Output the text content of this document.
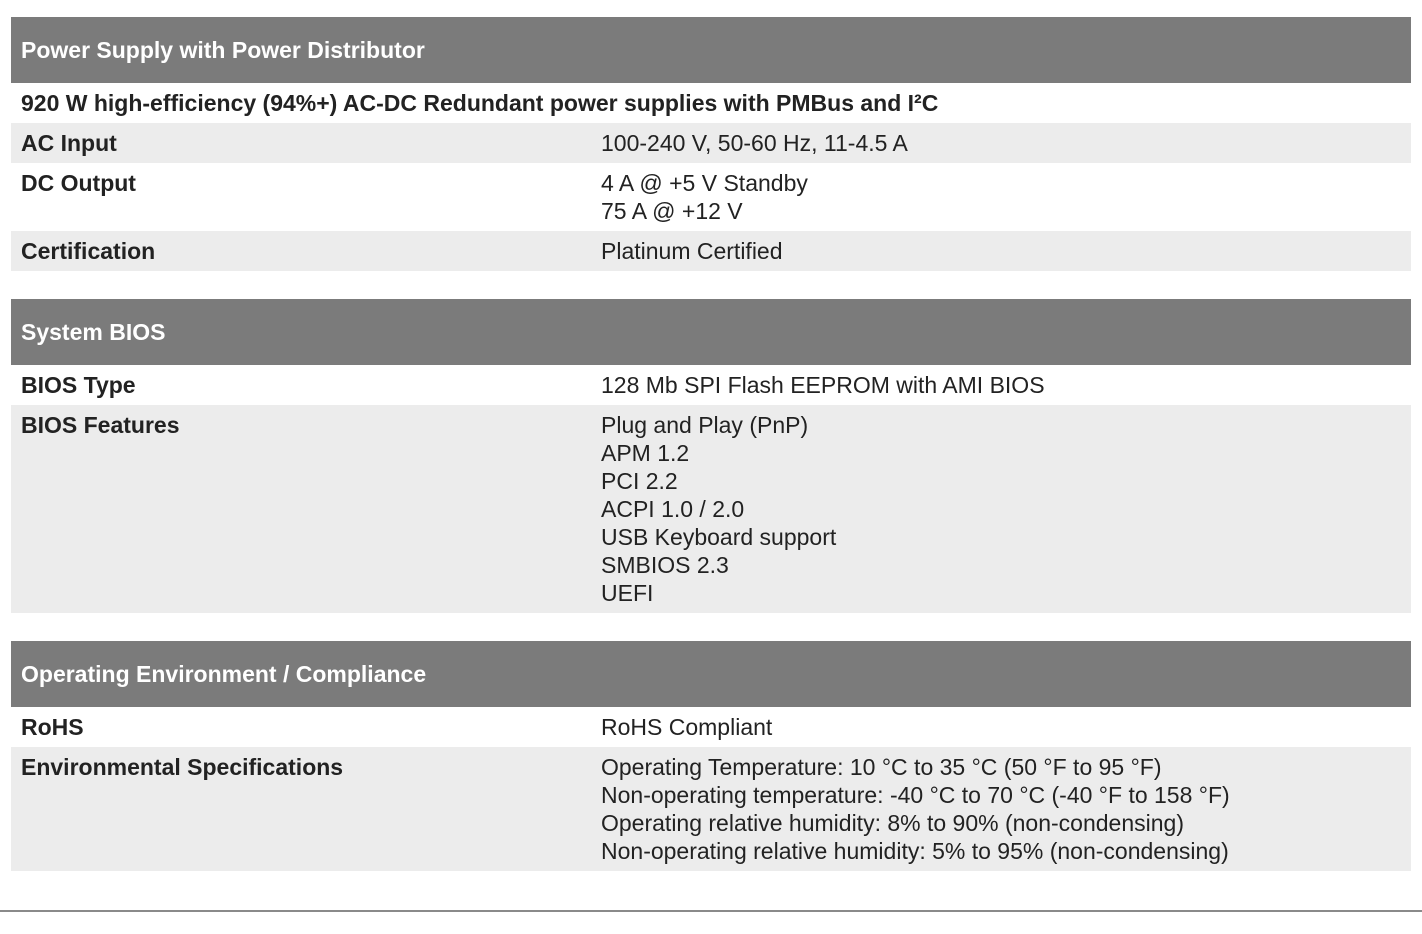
Power Supply with Power Distributor
920 W high-efficiency (94%+) AC-DC Redundant power supplies with PMBus and I²C
AC Input	100-240 V, 50-60 Hz, 11-4.5 A
DC Output	4 A @ +5 V Standby
75 A @ +12 V
Certification	Platinum Certified
System BIOS
BIOS Type	128 Mb SPI Flash EEPROM with AMI BIOS
BIOS Features	Plug and Play (PnP)
APM 1.2
PCI 2.2
ACPI 1.0 / 2.0
USB Keyboard support
SMBIOS 2.3
UEFI
Operating Environment / Compliance
RoHS	RoHS Compliant
Environmental Specifications	Operating Temperature: 10 °C to 35 °C (50 °F to 95 °F)
Non-operating temperature: -40 °C to 70 °C (-40 °F to 158 °F)
Operating relative humidity: 8% to 90% (non-condensing)
Non-operating relative humidity: 5% to 95% (non-condensing)
